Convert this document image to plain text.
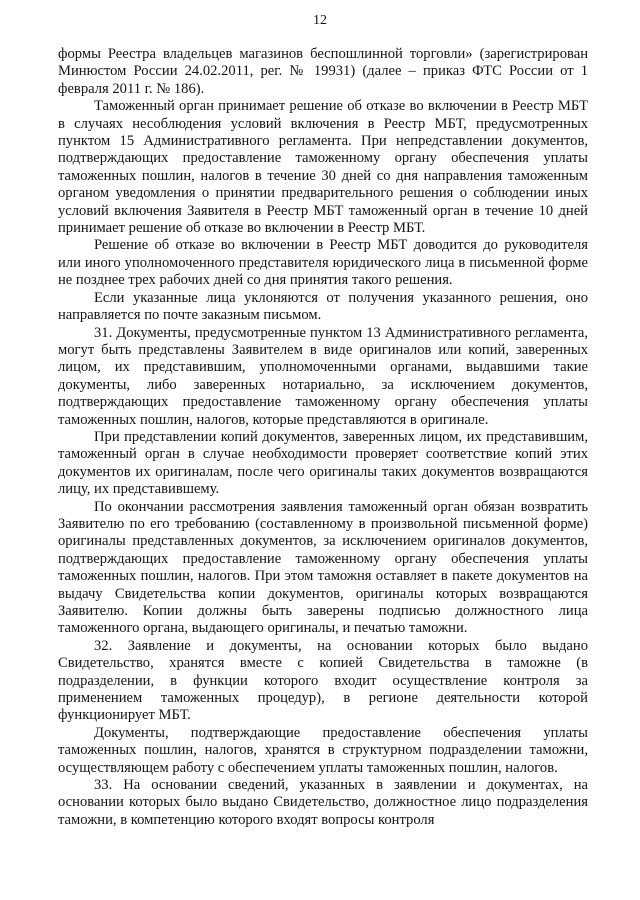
12

формы Реестра владельцев магазинов беспошлинной торговли» (зарегистрирован Минюстом России 24.02.2011, рег. № 19931) (далее – приказ ФТС России от 1 февраля 2011 г. № 186).

Таможенный орган принимает решение об отказе во включении в Реестр МБТ в случаях несоблюдения условий включения в Реестр МБТ, предусмотренных пунктом 15 Административного регламента. При непредставлении документов, подтверждающих предоставление таможенному органу обеспечения уплаты таможенных пошлин, налогов в течение 30 дней со дня направления таможенным органом уведомления о принятии предварительного решения о соблюдении иных условий включения Заявителя в Реестр МБТ таможенный орган в течение 10 дней принимает решение об отказе во включении в Реестр МБТ.

Решение об отказе во включении в Реестр МБТ доводится до руководителя или иного уполномоченного представителя юридического лица в письменной форме не позднее трех рабочих дней со дня принятия такого решения.

Если указанные лица уклоняются от получения указанного решения, оно направляется по почте заказным письмом.

31. Документы, предусмотренные пунктом 13 Административного регламента, могут быть представлены Заявителем в виде оригиналов или копий, заверенных лицом, их представившим, уполномоченными органами, выдавшими такие документы, либо заверенных нотариально, за исключением документов, подтверждающих предоставление таможенному органу обеспечения уплаты таможенных пошлин, налогов, которые представляются в оригинале.

При представлении копий документов, заверенных лицом, их представившим, таможенный орган в случае необходимости проверяет соответствие копий этих документов их оригиналам, после чего оригиналы таких документов возвращаются лицу, их представившему.

По окончании рассмотрения заявления таможенный орган обязан возвратить Заявителю по его требованию (составленному в произвольной письменной форме) оригиналы представленных документов, за исключением оригиналов документов, подтверждающих предоставление таможенному органу обеспечения уплаты таможенных пошлин, налогов. При этом таможня оставляет в пакете документов на выдачу Свидетельства копии документов, оригиналы которых возвращаются Заявителю. Копии должны быть заверены подписью должностного лица таможенного органа, выдающего оригиналы, и печатью таможни.

32. Заявление и документы, на основании которых было выдано Свидетельство, хранятся вместе с копией Свидетельства в таможне (в подразделении, в функции которого входит осуществление контроля за применением таможенных процедур), в регионе деятельности которой функционирует МБТ.

Документы, подтверждающие предоставление обеспечения уплаты таможенных пошлин, налогов, хранятся в структурном подразделении таможни, осуществляющем работу с обеспечением уплаты таможенных пошлин, налогов.

33. На основании сведений, указанных в заявлении и документах, на основании которых было выдано Свидетельство, должностное лицо подразделения таможни, в компетенцию которого входят вопросы контроля
